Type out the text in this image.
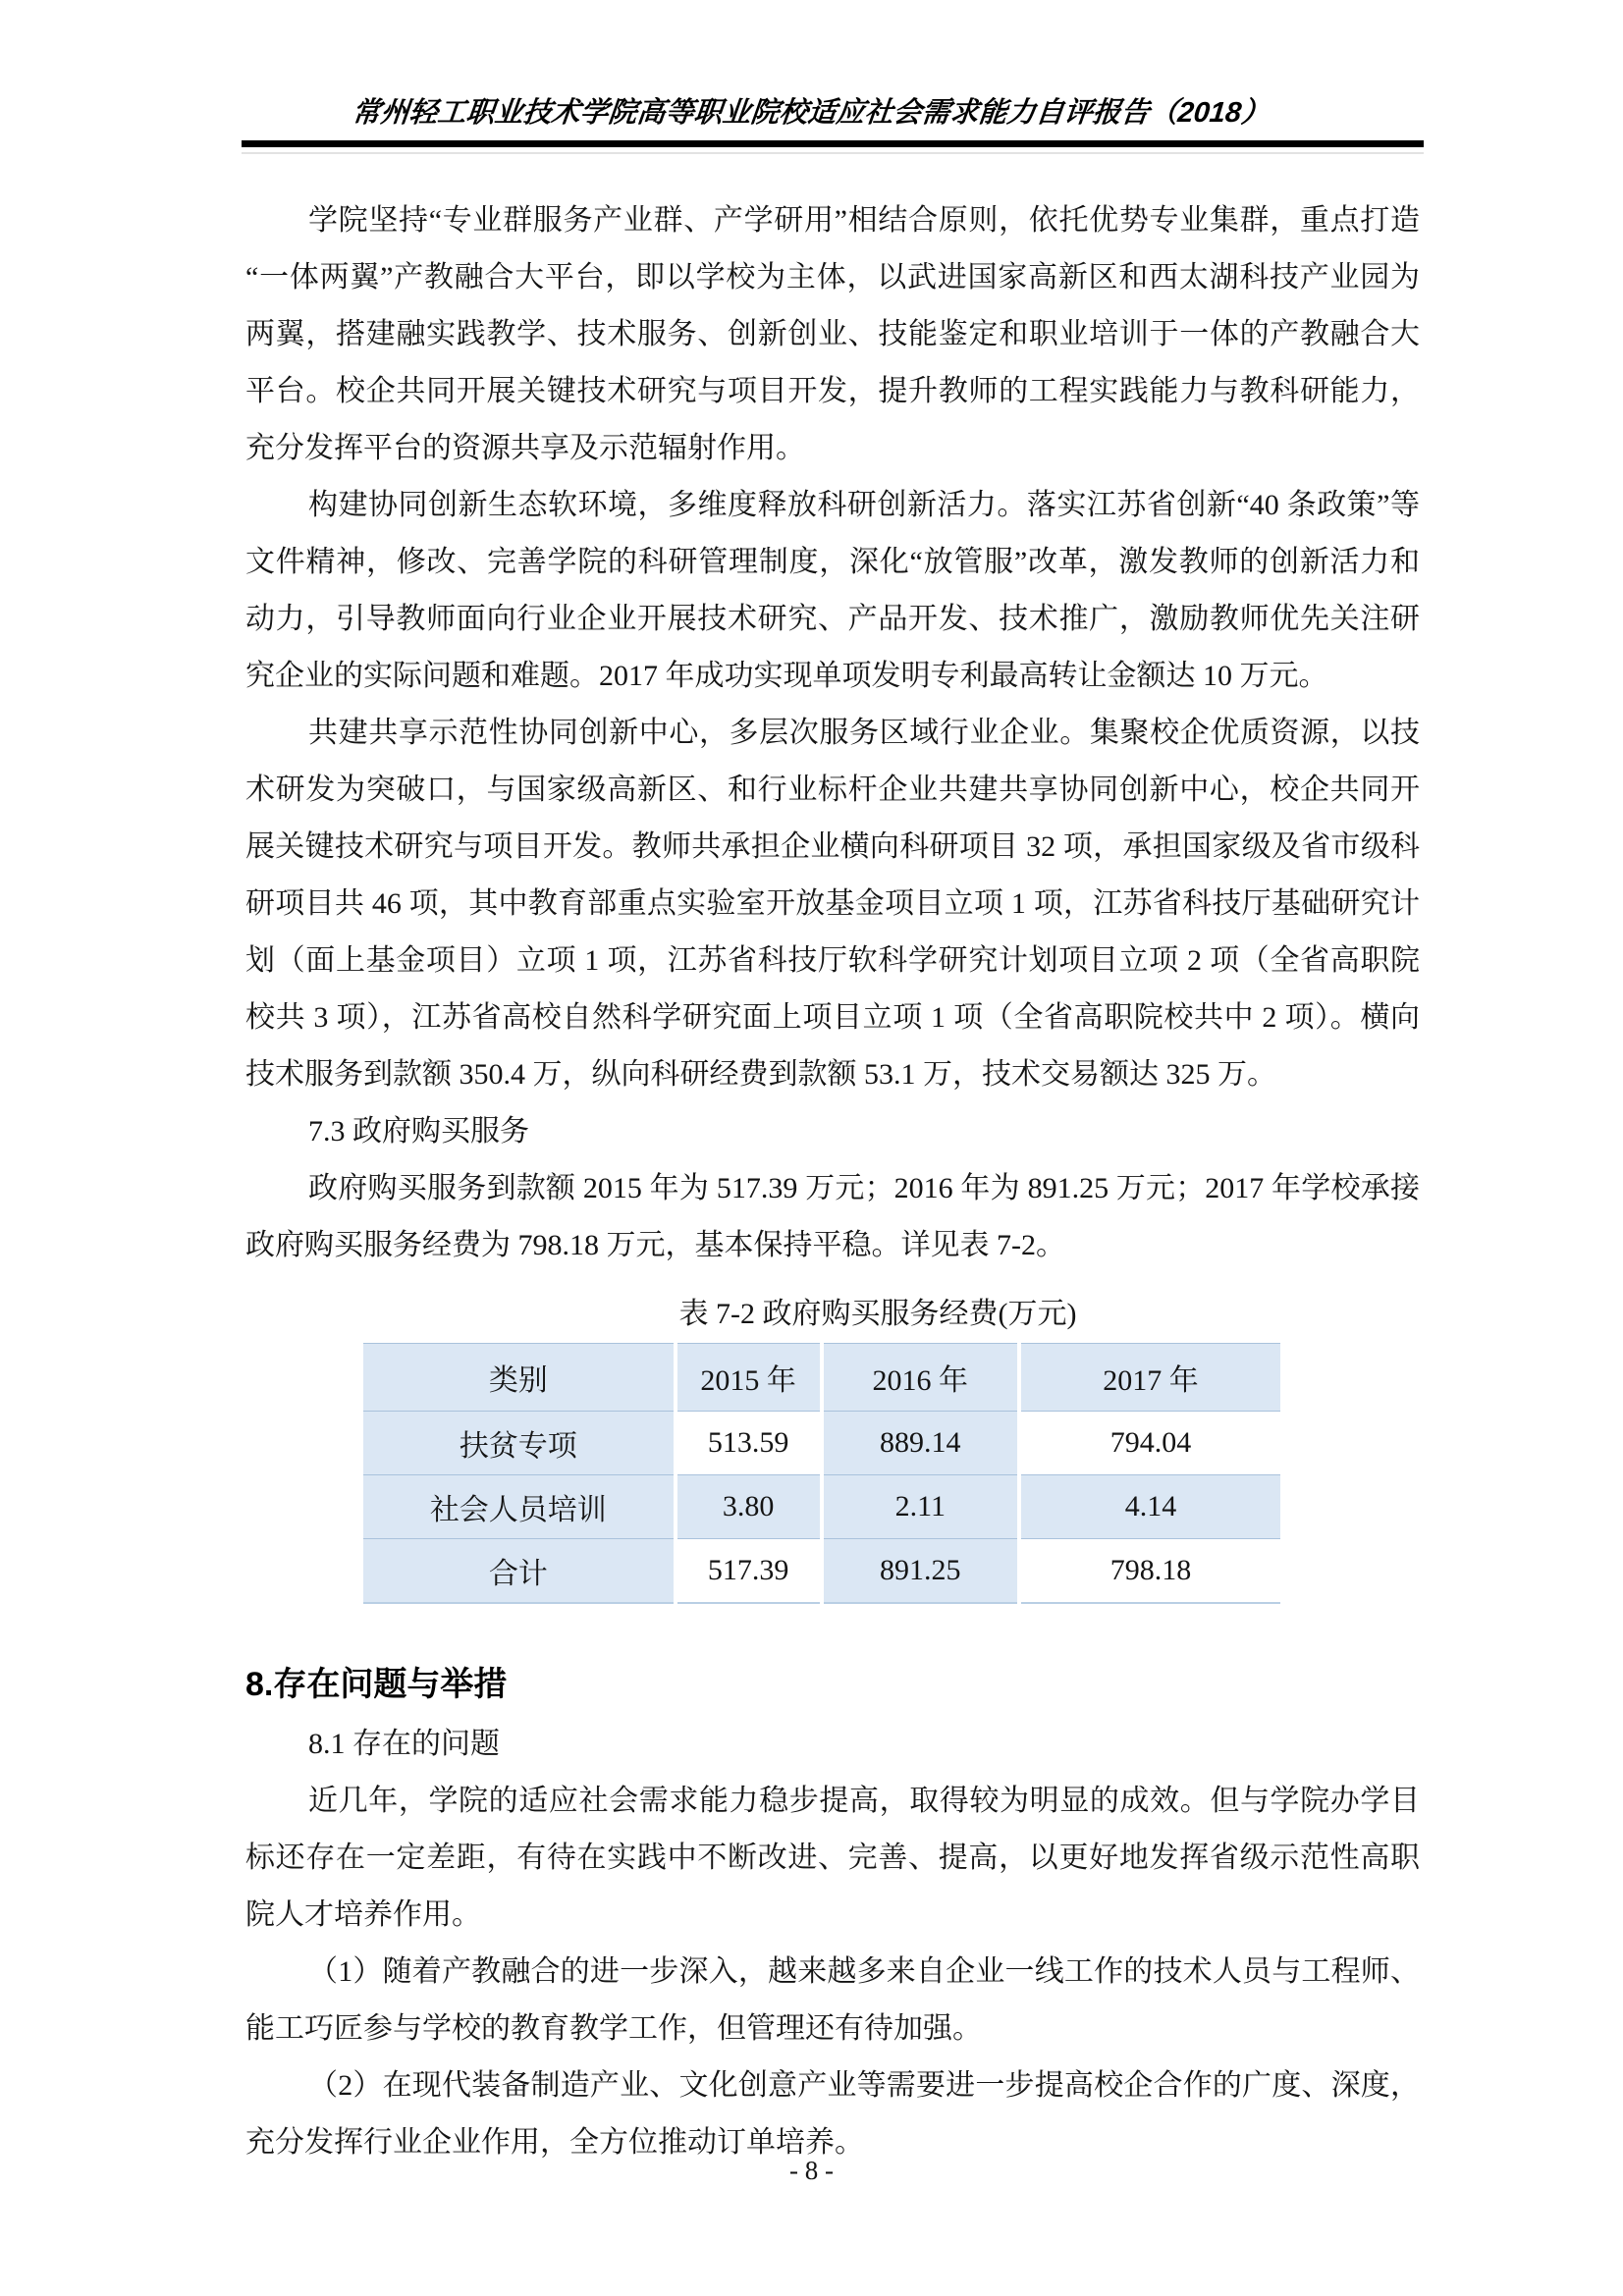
常州轻工职业技术学院高等职业院校适应社会需求能力自评报告（2018）

学院坚持“专业群服务产业群、产学研用”相结合原则，依托优势专业集群，重点打造“一体两翼”产教融合大平台，即以学校为主体，以武进国家高新区和西太湖科技产业园为两翼，搭建融实践教学、技术服务、创新创业、技能鉴定和职业培训于一体的产教融合大平台。校企共同开展关键技术研究与项目开发，提升教师的工程实践能力与教科研能力，充分发挥平台的资源共享及示范辐射作用。

构建协同创新生态软环境，多维度释放科研创新活力。落实江苏省创新“40 条政策”等文件精神，修改、完善学院的科研管理制度，深化“放管服”改革，激发教师的创新活力和动力，引导教师面向行业企业开展技术研究、产品开发、技术推广，激励教师优先关注研究企业的实际问题和难题。2017 年成功实现单项发明专利最高转让金额达 10 万元。

共建共享示范性协同创新中心，多层次服务区域行业企业。集聚校企优质资源，以技术研发为突破口，与国家级高新区、和行业标杆企业共建共享协同创新中心，校企共同开展关键技术研究与项目开发。教师共承担企业横向科研项目 32 项，承担国家级及省市级科研项目共 46 项，其中教育部重点实验室开放基金项目立项 1 项，江苏省科技厅基础研究计划（面上基金项目）立项 1 项，江苏省科技厅软科学研究计划项目立项 2 项（全省高职院校共 3 项），江苏省高校自然科学研究面上项目立项 1 项（全省高职院校共中 2 项）。横向技术服务到款额 350.4 万，纵向科研经费到款额 53.1 万，技术交易额达 325 万。

7.3 政府购买服务

政府购买服务到款额 2015 年为 517.39 万元；2016 年为 891.25 万元；2017 年学校承接政府购买服务经费为 798.18 万元，基本保持平稳。详见表 7-2。

表 7-2 政府购买服务经费(万元)
类别	2015 年	2016 年	2017 年
扶贫专项	513.59	889.14	794.04
社会人员培训	3.80	2.11	4.14
合计	517.39	891.25	798.18
8.存在问题与举措

8.1 存在的问题

近几年，学院的适应社会需求能力稳步提高，取得较为明显的成效。但与学院办学目标还存在一定差距，有待在实践中不断改进、完善、提高，以更好地发挥省级示范性高职院人才培养作用。

（1）随着产教融合的进一步深入，越来越多来自企业一线工作的技术人员与工程师、能工巧匠参与学校的教育教学工作，但管理还有待加强。

（2）在现代装备制造产业、文化创意产业等需要进一步提高校企合作的广度、深度，充分发挥行业企业作用，全方位推动订单培养。

- 8 -
